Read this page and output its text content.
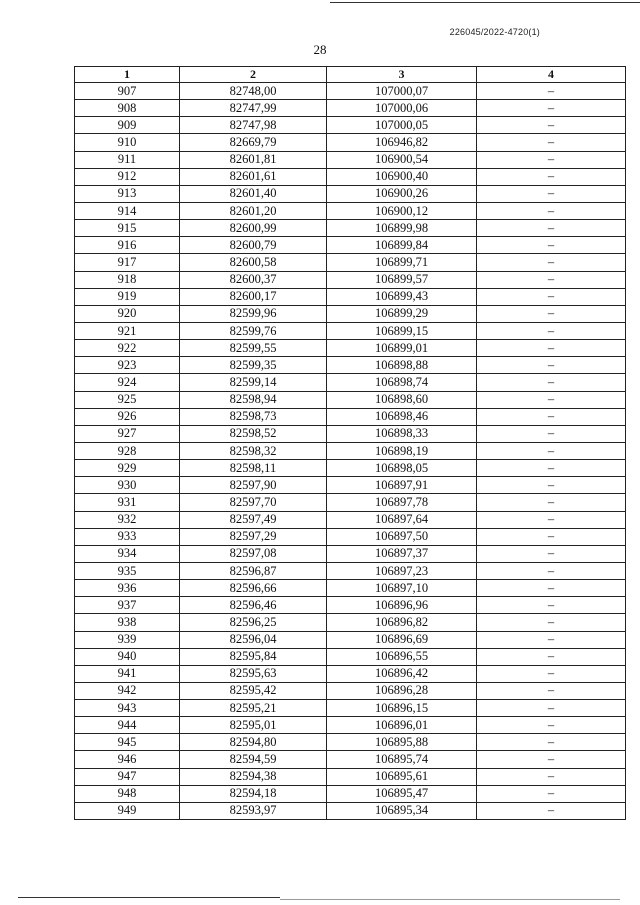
226045/2022-4720(1)
28
1	2	3	4
907	82748,00	107000,07	–
908	82747,99	107000,06	–
909	82747,98	107000,05	–
910	82669,79	106946,82	–
911	82601,81	106900,54	–
912	82601,61	106900,40	–
913	82601,40	106900,26	–
914	82601,20	106900,12	–
915	82600,99	106899,98	–
916	82600,79	106899,84	–
917	82600,58	106899,71	–
918	82600,37	106899,57	–
919	82600,17	106899,43	–
920	82599,96	106899,29	–
921	82599,76	106899,15	–
922	82599,55	106899,01	–
923	82599,35	106898,88	–
924	82599,14	106898,74	–
925	82598,94	106898,60	–
926	82598,73	106898,46	–
927	82598,52	106898,33	–
928	82598,32	106898,19	–
929	82598,11	106898,05	–
930	82597,90	106897,91	–
931	82597,70	106897,78	–
932	82597,49	106897,64	–
933	82597,29	106897,50	–
934	82597,08	106897,37	–
935	82596,87	106897,23	–
936	82596,66	106897,10	–
937	82596,46	106896,96	–
938	82596,25	106896,82	–
939	82596,04	106896,69	–
940	82595,84	106896,55	–
941	82595,63	106896,42	–
942	82595,42	106896,28	–
943	82595,21	106896,15	–
944	82595,01	106896,01	–
945	82594,80	106895,88	–
946	82594,59	106895,74	–
947	82594,38	106895,61	–
948	82594,18	106895,47	–
949	82593,97	106895,34	–
